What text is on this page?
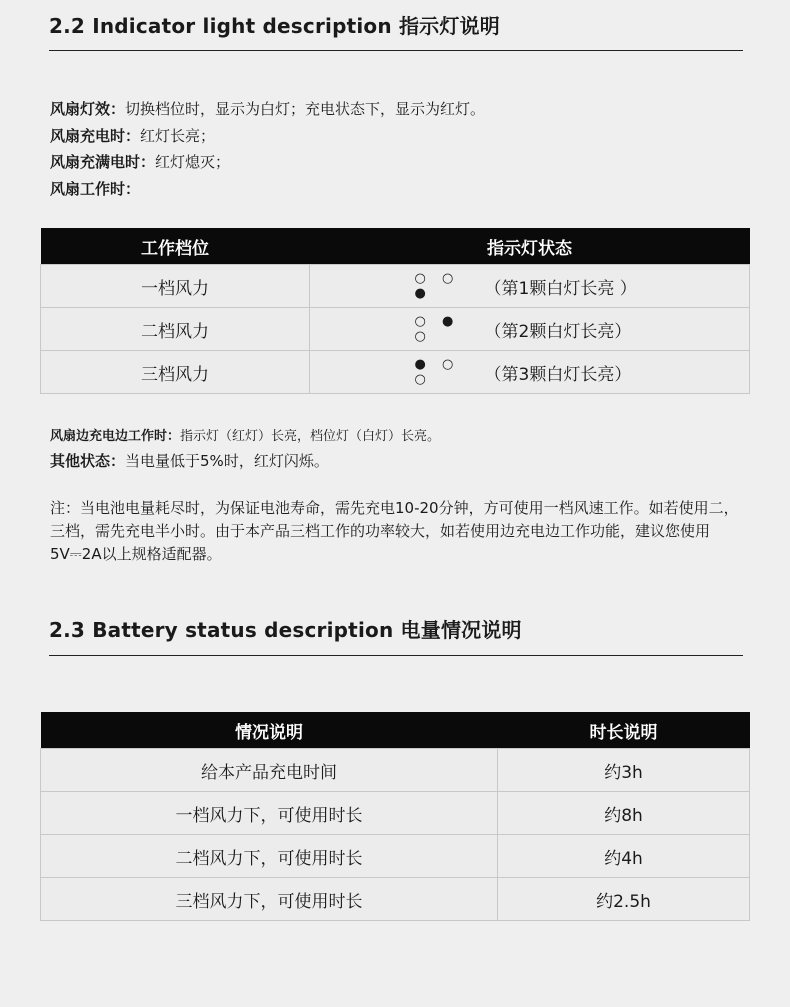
2.2 Indicator light description 指示灯说明
风扇灯效：切换档位时，显示为白灯；充电状态下，显示为红灯。
风扇充电时：红灯长亮；
风扇充满电时：红灯熄灭；
风扇工作时：
工作档位	指示灯状态
一档风力	○ ○ ● （第1颗白灯长亮 ）
二档风力	○ ● ○ （第2颗白灯长亮）
三档风力	● ○ ○ （第3颗白灯长亮）
风扇边充电边工作时：指示灯（红灯）长亮，档位灯（白灯）长亮。
其他状态：当电量低于5%时，红灯闪烁。
注：当电池电量耗尽时，为保证电池寿命，需先充电10-20分钟，方可使用一档风速工作。如若使用二，三档，需先充电半小时。由于本产品三档工作的功率较大，如若使用边充电边工作功能，建议您使用5V⎓2A以上规格适配器。
2.3 Battery status description 电量情况说明
情况说明	时长说明
给本产品充电时间	约3h
一档风力下，可使用时长	约8h
二档风力下，可使用时长	约4h
三档风力下，可使用时长	约2.5h
